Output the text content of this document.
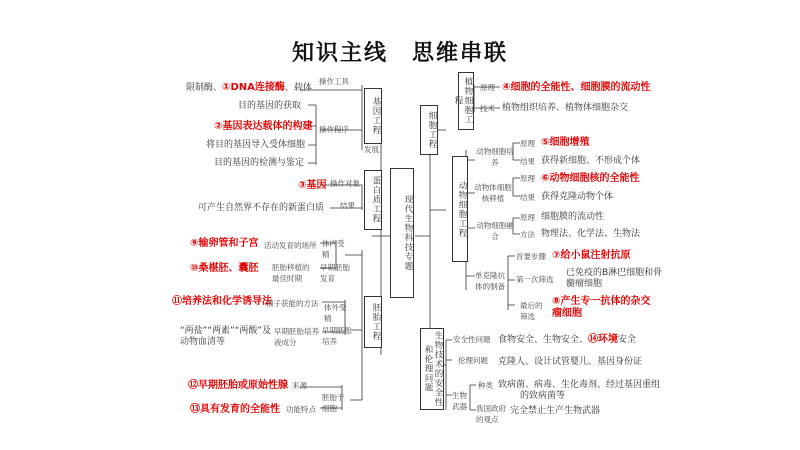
知识主线　思维串联
现代生物科技专题
基因工程
操作工具
限制酶、①DNA连接酶、载体
目的基因的获取
②基因表达载体的构建 操作程序
将目的基因导入受体细胞	发展
目的基因的检测与鉴定
蛋白质工程
③基因 操作对象
结果
可产生自然界不存在的新蛋白质
胚胎工程
⑨输卵管和子宫 活动发育的场所 体内受精
⑩桑椹胚、囊胚 胚胎移植的最佳时期
早期胚胎发育
⑪培养法和化学诱导法
精子获能的方法 体外受精
“两盐”“两素”“两酸”及动物血清等
早期胚胎培养液成分
早期胚胎培养
⑫早期胚胎或原始性腺 来源
胚胎干细胞
⑬具有发育的全能性 功能特点
细胞工程
植物细胞工程
原理 ④细胞的全能性、细胞膜的流动性
技术 植物组织培养、植物体细胞杂交
动物细胞工程
动物细胞培养
原理 ⑤细胞增殖
结果 获得新细胞、不形成个体
动物体细胞核移植
原理 ⑥动物细胞核的全能性
结果 获得克隆动物个体
动物细胞融合
原理 细胞膜的流动性
方法 物理法、化学法、生物法
单克隆抗体的制备
首要步骤 ⑦给小鼠注射抗原
第一次筛选
已免疫的B淋巴细胞和骨髓瘤细胞
最后的筛选
⑧产生专一抗体的杂交瘤细胞
生物技术的安全性和伦理问题
安全性问题 食物安全、生物安全、⑭环境安全
伦理问题 克隆人、设计试管婴儿、基因身份证
生物武器
种类 致病菌、病毒、生化毒剂、经过基因重组
的致病菌等
我国政府的观点
完全禁止生产生物武器
